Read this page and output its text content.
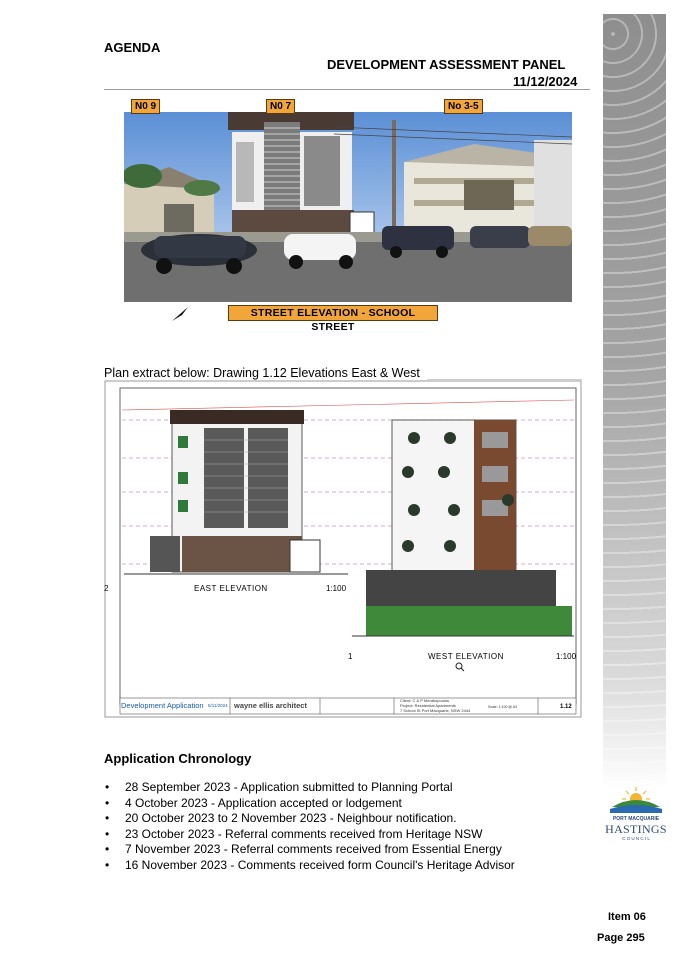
AGENDA
DEVELOPMENT ASSESSMENT PANEL
11/12/2024
N0 9	N0 7	No 3-5
STREET ELEVATION - SCHOOL STREET
Plan extract below: Drawing 1.12 Elevations East & West
2	EAST ELEVATION	1:100
1	WEST ELEVATION	1:100
Development Application 5/11/2024 wayne ellis architect
Client: C & P Merakopoulos
Project: Residential Apartments
7 School St Port Macquarie, NSW 2444
Scale: 1:100 @ A3	1.12
Application Chronology
• 28 September 2023 - Application submitted to Planning Portal
• 4 October 2023 - Application accepted or lodgement
• 20 October 2023 to 2 November 2023 - Neighbour notification.
• 23 October 2023 - Referral comments received from Heritage NSW
• 7 November 2023 - Referral comments received from Essential Energy
• 16 November 2023 - Comments received form Council's Heritage Advisor
PORT MACQUARIE
HASTINGS
C O U N C I L
Item 06
Page 295
